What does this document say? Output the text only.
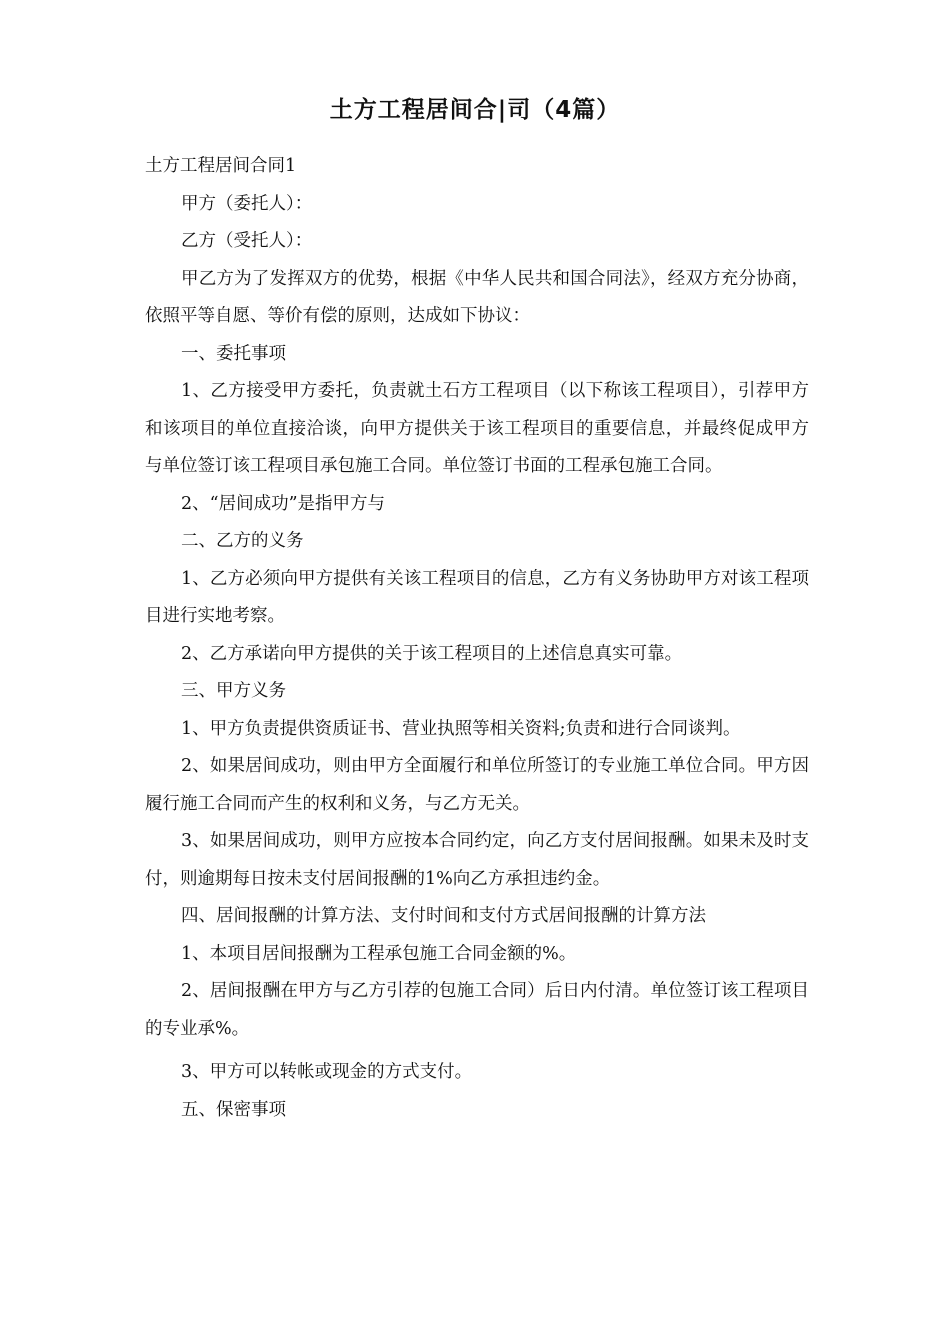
土方工程居间合|司（4篇）

土方工程居间合同1

甲方（委托人）：

乙方（受托人）：

甲乙方为了发挥双方的优势，根据《中华人民共和国合同法》，经双方充分协商，依照平等自愿、等价有偿的原则，达成如下协议：

一、委托事项

1、乙方接受甲方委托，负责就土石方工程项目（以下称该工程项目），引荐甲方和该项目的单位直接洽谈，向甲方提供关于该工程项目的重要信息，并最终促成甲方与单位签订该工程项目承包施工合同。单位签订书面的工程承包施工合同。

2、“居间成功”是指甲方与

二、乙方的义务

1、乙方必须向甲方提供有关该工程项目的信息，乙方有义务协助甲方对该工程项目进行实地考察。

2、乙方承诺向甲方提供的关于该工程项目的上述信息真实可靠。

三、甲方义务

1、甲方负责提供资质证书、营业执照等相关资料;负责和进行合同谈判。

2、如果居间成功，则由甲方全面履行和单位所签订的专业施工单位合同。甲方因履行施工合同而产生的权利和义务，与乙方无关。

3、如果居间成功，则甲方应按本合同约定，向乙方支付居间报酬。如果未及时支付，则逾期每日按未支付居间报酬的1%向乙方承担违约金。

四、居间报酬的计算方法、支付时间和支付方式居间报酬的计算方法

1、本项目居间报酬为工程承包施工合同金额的%。

2、居间报酬在甲方与乙方引荐的包施工合同）后日内付清。单位签订该工程项目的专业承%。

3、甲方可以转帐或现金的方式支付。

五、保密事项
